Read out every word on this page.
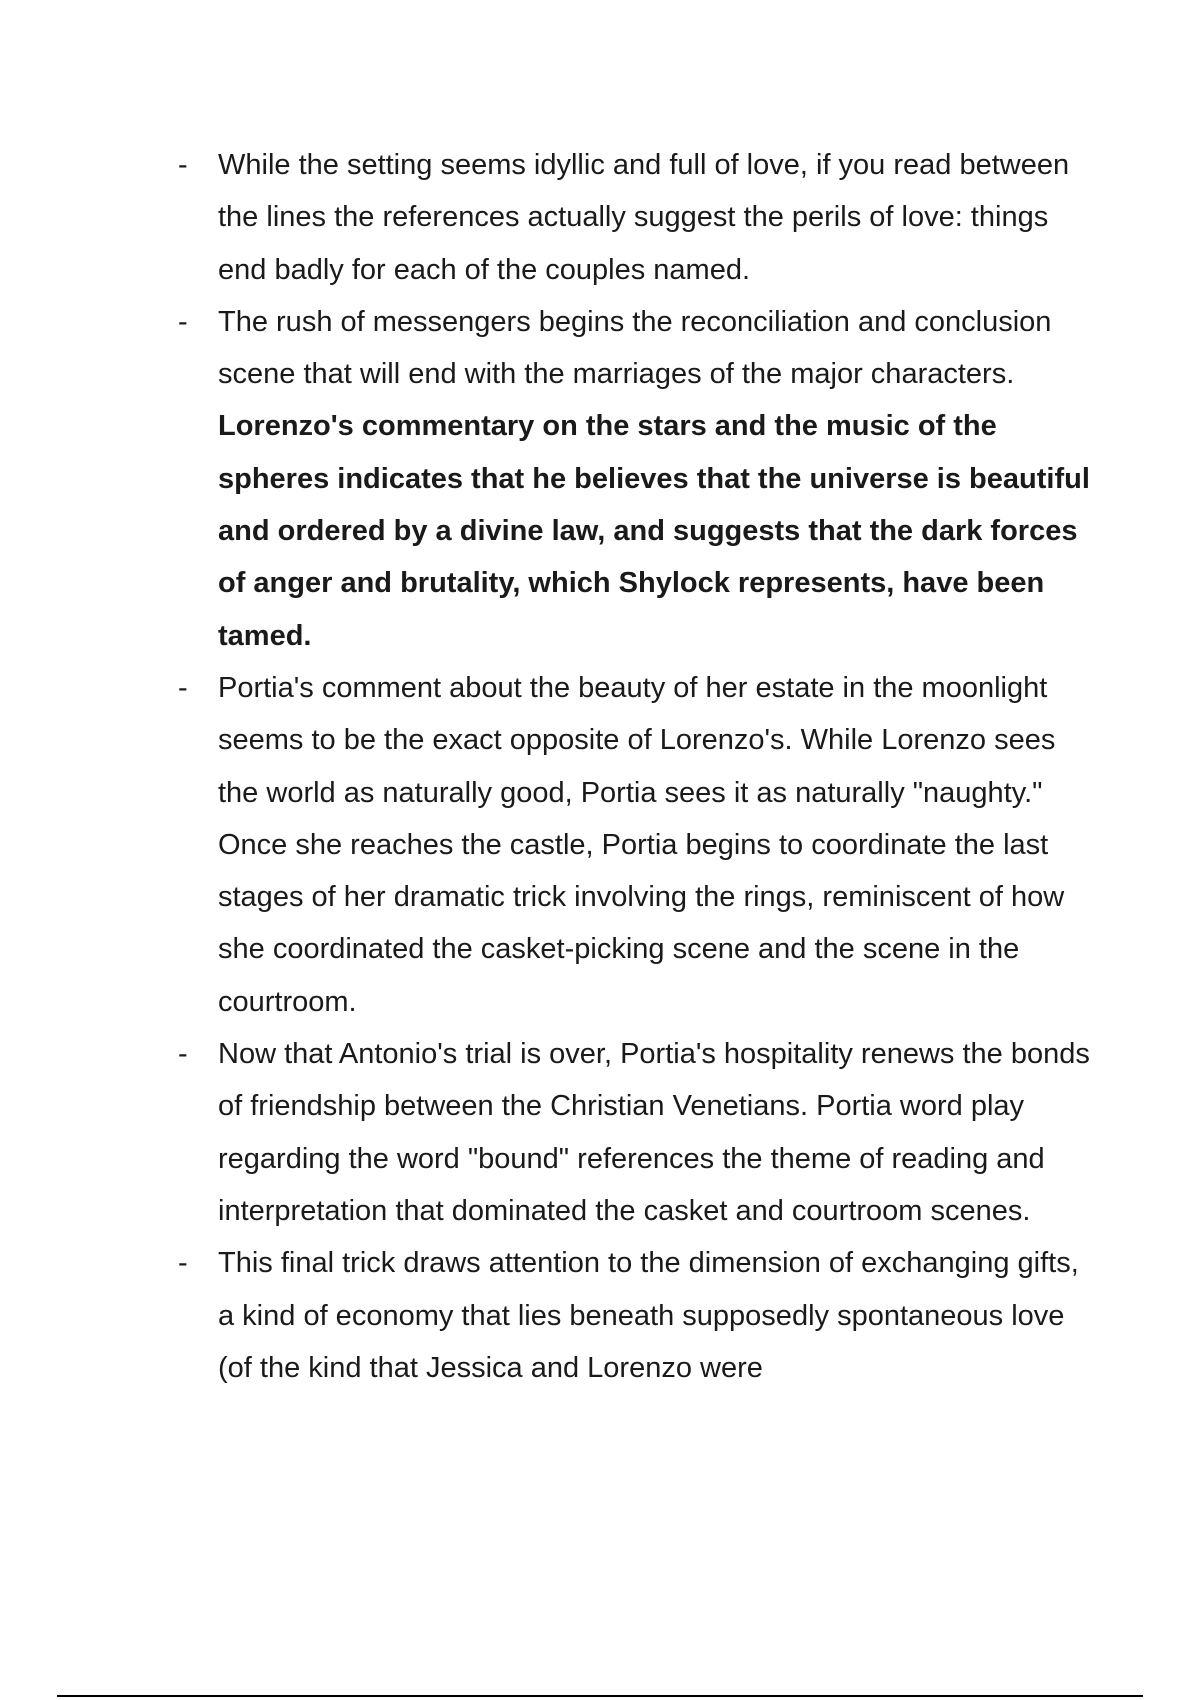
- While the setting seems idyllic and full of love, if you read between the lines the references actually suggest the perils of love: things end badly for each of the couples named.

- The rush of messengers begins the reconciliation and conclusion scene that will end with the marriages of the major characters.
Lorenzo's commentary on the stars and the music of the spheres indicates that he believes that the universe is beautiful and ordered by a divine law, and suggests that the dark forces of anger and brutality, which Shylock represents, have been tamed.

- Portia's comment about the beauty of her estate in the moonlight seems to be the exact opposite of Lorenzo's. While Lorenzo sees the world as naturally good, Portia sees it as naturally "naughty." Once she reaches the castle, Portia begins to coordinate the last stages of her dramatic trick involving the rings, reminiscent of how she coordinated the casket-picking scene and the scene in the courtroom.

- Now that Antonio's trial is over, Portia's hospitality renews the bonds of friendship between the Christian Venetians. Portia word play regarding the word "bound" references the theme of reading and interpretation that dominated the casket and courtroom scenes.

- This final trick draws attention to the dimension of exchanging gifts, a kind of economy that lies beneath supposedly spontaneous love (of the kind that Jessica and Lorenzo were
